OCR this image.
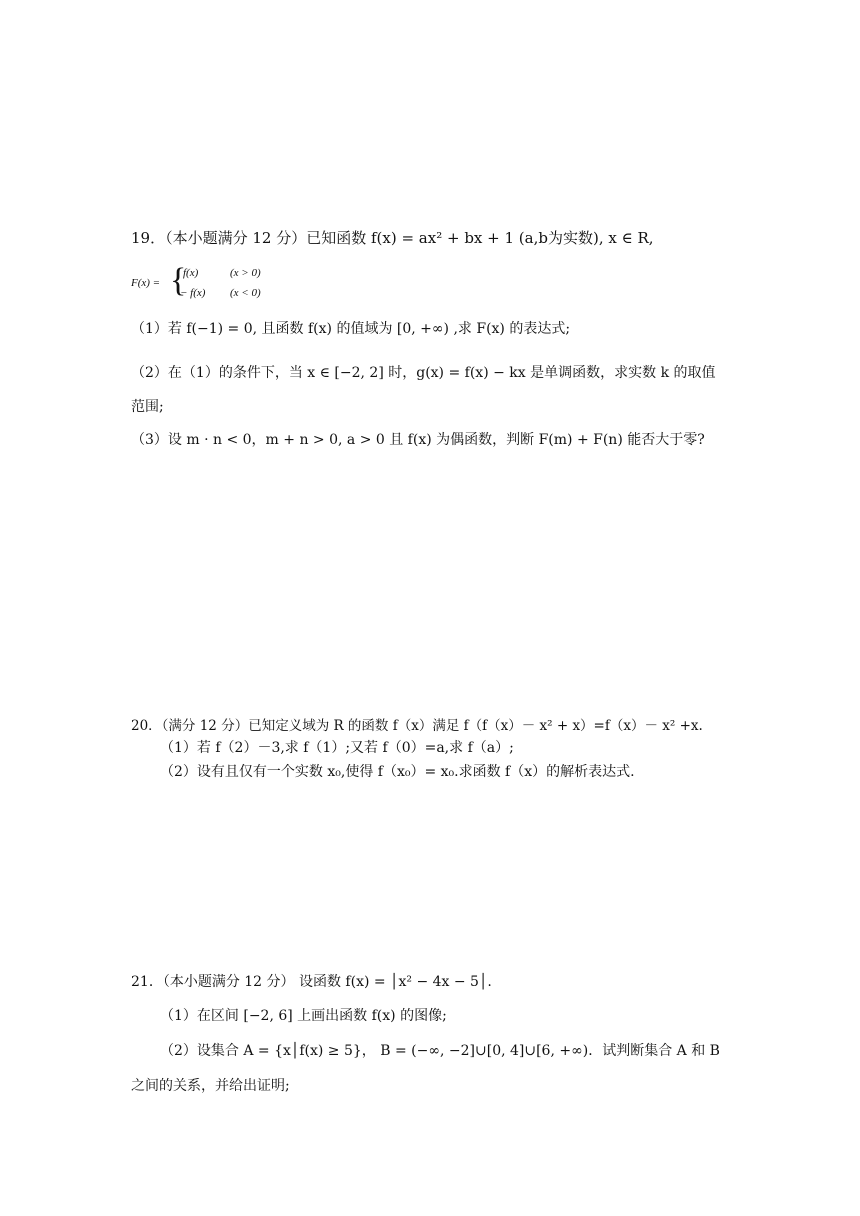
19．（本小题满分 12 分）已知函数 f(x) = ax² + bx + 1 (a,b为实数), x ∈ R,
F(x) = {
f(x)	(x > 0)
− f(x) (x < 0)
（1）若 f(−1) = 0, 且函数 f(x) 的值域为 [0, +∞) ,求 F(x) 的表达式;
（2）在（1）的条件下，当 x ∈ [−2, 2] 时，g(x) = f(x) − kx 是单调函数，求实数 k 的取值
范围;
（3）设 m · n < 0，m + n > 0, a > 0 且 f(x) 为偶函数，判断 F(m) + F(n) 能否大于零?
20．（满分 12 分）已知定义域为 R 的函数 f（x）满足 f（f（x）－ x² + x）=f（x）－ x² +x.
（1）若 f（2）－3,求 f（1）;又若 f（0）=a,求 f（a）;
（2）设有且仅有一个实数 x₀,使得 f（x₀）= x₀.求函数 f（x）的解析表达式.
21．（本小题满分 12 分） 设函数 f(x) = │x² − 4x − 5│.
（1）在区间 [−2, 6] 上画出函数 f(x) 的图像;
（2）设集合 A = {x│f(x) ≥ 5}， B = (−∞, −2]∪[0, 4]∪[6, +∞)．试判断集合 A 和 B
之间的关系，并给出证明;
